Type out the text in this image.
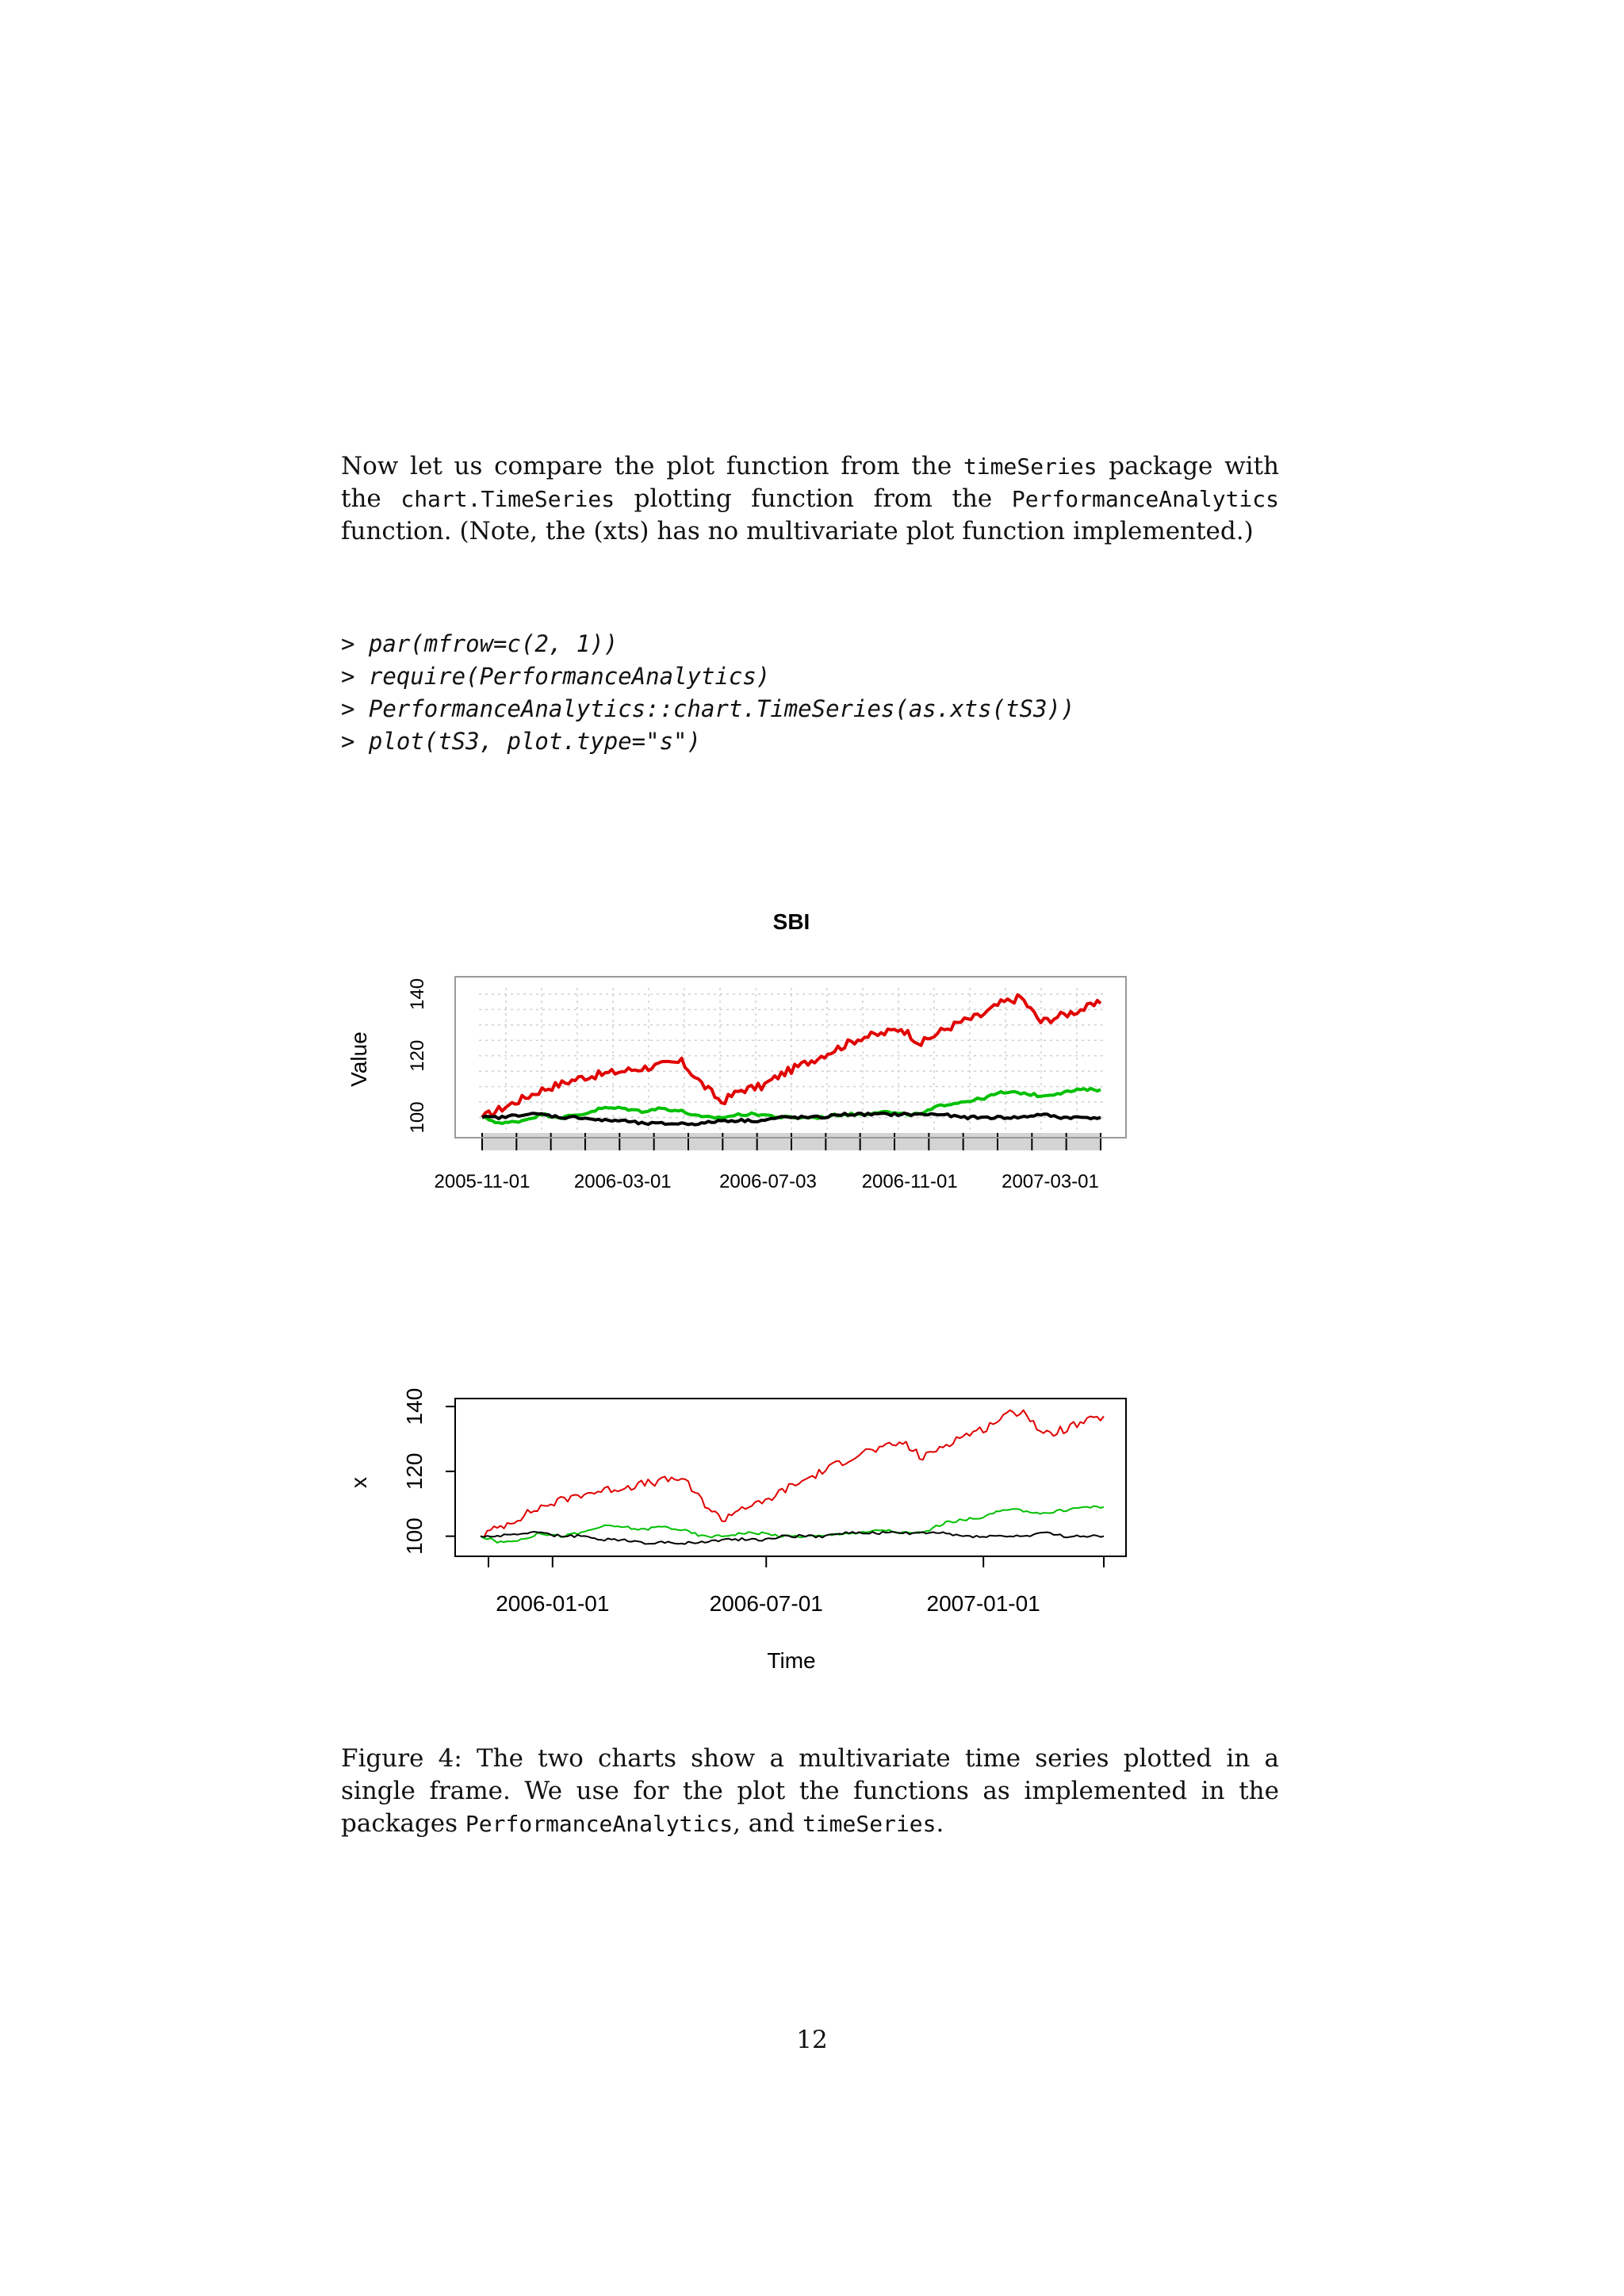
Now let us compare the plot function from the timeSeries package with the chart.TimeSeries plotting function from the PerformanceAnalytics function. (Note, the (xts) has no multivariate plot function implemented.)

> par(mfrow=c(2, 1))
> require(PerformanceAnalytics)
> PerformanceAnalytics::chart.TimeSeries(as.xts(tS3))
> plot(tS3, plot.type="s")
SBI
Value
100
120
140
2005-11-01 2006-03-01	2006-07-03 2006-11-01 2007-03-01
x
Time
100
120
140
2006-01-01	2006-07-01	2007-01-01

Figure 4: The two charts show a multivariate time series plotted in a single frame. We use for the plot the functions as implemented in the packages PerformanceAnalytics, and timeSeries.

12
